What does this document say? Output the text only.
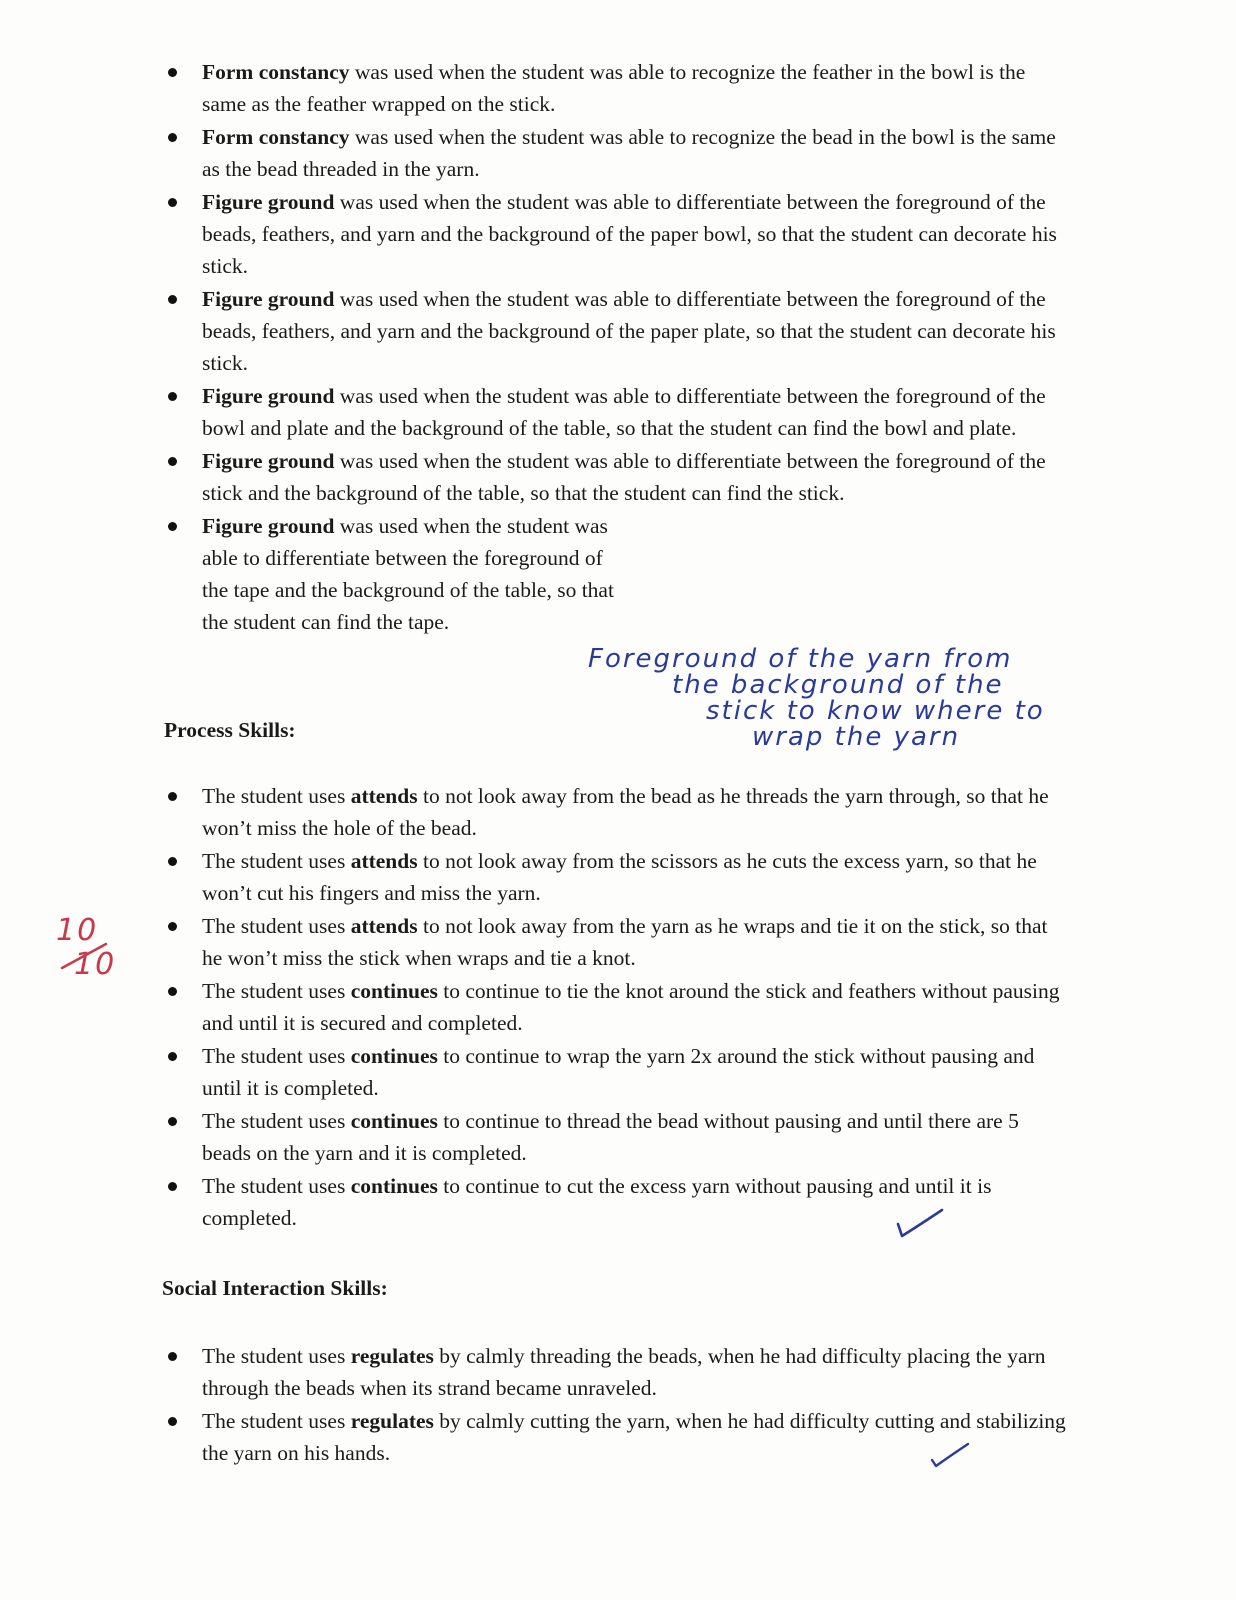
Form constancy was used when the student was able to recognize the feather in the bowl is the same as the feather wrapped on the stick.
Form constancy was used when the student was able to recognize the bead in the bowl is the same as the bead threaded in the yarn.
Figure ground was used when the student was able to differentiate between the foreground of the beads, feathers, and yarn and the background of the paper bowl, so that the student can decorate his stick.
Figure ground was used when the student was able to differentiate between the foreground of the beads, feathers, and yarn and the background of the paper plate, so that the student can decorate his stick.
Figure ground was used when the student was able to differentiate between the foreground of the bowl and plate and the background of the table, so that the student can find the bowl and plate.
Figure ground was used when the student was able to differentiate between the foreground of the stick and the background of the table, so that the student can find the stick.
Figure ground was used when the student was able to differentiate between the foreground of the tape and the background of the table, so that the student can find the tape.
Process Skills:
The student uses attends to not look away from the bead as he threads the yarn through, so that he won’t miss the hole of the bead.
The student uses attends to not look away from the scissors as he cuts the excess yarn, so that he won’t cut his fingers and miss the yarn.
The student uses attends to not look away from the yarn as he wraps and tie it on the stick, so that he won’t miss the stick when wraps and tie a knot.
The student uses continues to continue to tie the knot around the stick and feathers without pausing and until it is secured and completed.
The student uses continues to continue to wrap the yarn 2x around the stick without pausing and until it is completed.
The student uses continues to continue to thread the bead without pausing and until there are 5 beads on the yarn and it is completed.
The student uses continues to continue to cut the excess yarn without pausing and until it is completed.
Social Interaction Skills:
The student uses regulates by calmly threading the beads, when he had difficulty placing the yarn through the beads when its strand became unraveled.
The student uses regulates by calmly cutting the yarn, when he had difficulty cutting and stabilizing the yarn on his hands.
Foreground of the yarn from
the background of the
stick to know where to
wrap the yarn
10
10
